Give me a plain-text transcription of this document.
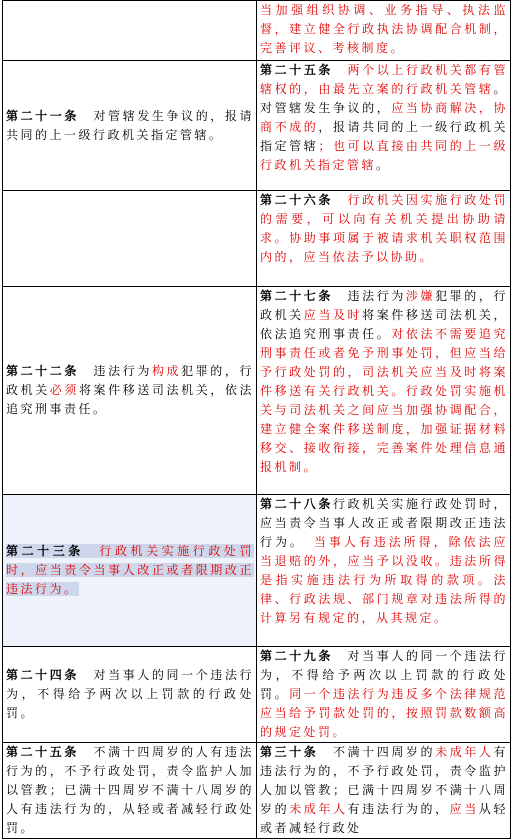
	当加强组织协调、业务指导、执法监督，建立健全行政执法协调配合机制，完善评议、考核制度。
第二十一条　对管辖发生争议的，报请共同的上一级行政机关指定管辖。	第二十五条　两个以上行政机关都有管辖权的，由最先立案的行政机关管辖。对管辖发生争议的，应当协商解决，协商不成的，报请共同的上一级行政机关指定管辖；也可以直接由共同的上一级行政机关指定管辖。
	第二十六条　行政机关因实施行政处罚的需要，可以向有关机关提出协助请求。协助事项属于被请求机关职权范围内的，应当依法予以协助。
第二十二条　违法行为构成犯罪的，行政机关必须将案件移送司法机关，依法追究刑事责任。	第二十七条　违法行为涉嫌犯罪的，行政机关应当及时将案件移送司法机关，依法追究刑事责任。对依法不需要追究刑事责任或者免予刑事处罚，但应当给予行政处罚的，司法机关应当及时将案件移送有关行政机关。行政处罚实施机关与司法机关之间应当加强协调配合，建立健全案件移送制度，加强证据材料移交、接收衔接，完善案件处理信息通报机制。
第二十三条　行政机关实施行政处罚时，应当责令当事人改正或者限期改正违法行为。	第二十八条行政机关实施行政处罚时，应当责令当事人改正或者限期改正违法行为。　当事人有违法所得，除依法应当退赔的外，应当予以没收。违法所得是指实施违法行为所取得的款项。法律、行政法规、部门规章对违法所得的计算另有规定的，从其规定。
第二十四条　对当事人的同一个违法行为，不得给予两次以上罚款的行政处罚。	第二十九条　对当事人的同一个违法行为，不得给予两次以上罚款的行政处罚。同一个违法行为违反多个法律规范应当给予罚款处罚的，按照罚款数额高的规定处罚。
第二十五条　不满十四周岁的人有违法行为的，不予行政处罚，责令监护人加以管教；已满十四周岁不满十八周岁的人有违法行为的，从轻或者减轻行政处罚。	第三十条　不满十四周岁的未成年人有违法行为的，不予行政处罚，责令监护人加以管教；已满十四周岁不满十八周岁的未成年人有违法行为的，应当从轻或者减轻行政处
